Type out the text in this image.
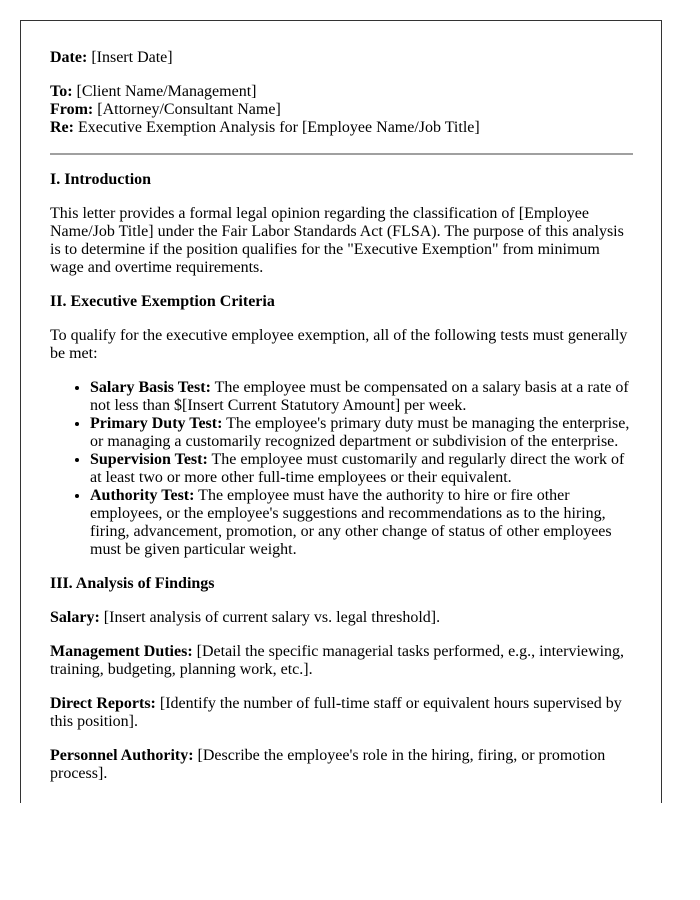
Date: [Insert Date]

To: [Client Name/Management]
From: [Attorney/Consultant Name]
Re: Executive Exemption Analysis for [Employee Name/Job Title]
I. Introduction

This letter provides a formal legal opinion regarding the classification of [Employee Name/Job Title] under the Fair Labor Standards Act (FLSA). The purpose of this analysis is to determine if the position qualifies for the "Executive Exemption" from minimum wage and overtime requirements.

II. Executive Exemption Criteria

To qualify for the executive employee exemption, all of the following tests must generally be met:

• Salary Basis Test: The employee must be compensated on a salary basis at a rate of not less than $[Insert Current Statutory Amount] per week.
• Primary Duty Test: The employee's primary duty must be managing the enterprise, or managing a customarily recognized department or subdivision of the enterprise.
• Supervision Test: The employee must customarily and regularly direct the work of at least two or more other full-time employees or their equivalent.
• Authority Test: The employee must have the authority to hire or fire other employees, or the employee's suggestions and recommendations as to the hiring, firing, advancement, promotion, or any other change of status of other employees must be given particular weight.
III. Analysis of Findings

Salary: [Insert analysis of current salary vs. legal threshold].

Management Duties: [Detail the specific managerial tasks performed, e.g., interviewing, training, budgeting, planning work, etc.].

Direct Reports: [Identify the number of full-time staff or equivalent hours supervised by this position].

Personnel Authority: [Describe the employee's role in the hiring, firing, or promotion process].
